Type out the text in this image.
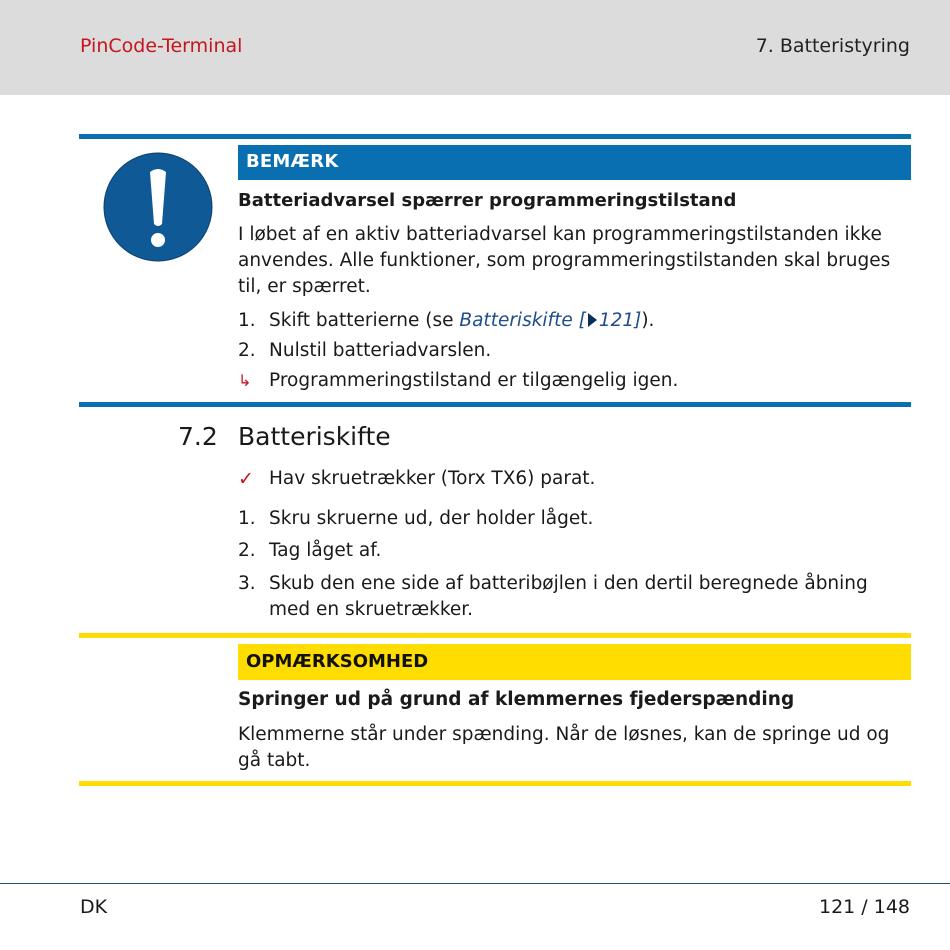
PinCode-Terminal	7. Batteristyring
BEMÆRK
Batteriadvarsel spærrer programmeringstilstand
I løbet af en aktiv batteriadvarsel kan programmeringstilstanden ikke anvendes. Alle funktioner, som programmeringstilstanden skal bruges til, er spærret.
1. Skift batterierne (se Batteriskifte [ 121]).
2. Nulstil batteriadvarslen.
↳ Programmeringstilstand er tilgængelig igen.
7.2 Batteriskifte
✓ Hav skruetrækker (Torx TX6) parat.
1. Skru skruerne ud, der holder låget.
2. Tag låget af.
3. Skub den ene side af batteribøjlen i den dertil beregnede åbning med en skruetrækker.
OPMÆRKSOMHED
Springer ud på grund af klemmernes fjederspænding
Klemmerne står under spænding. Når de løsnes, kan de springe ud og gå tabt.
DK	121 / 148
